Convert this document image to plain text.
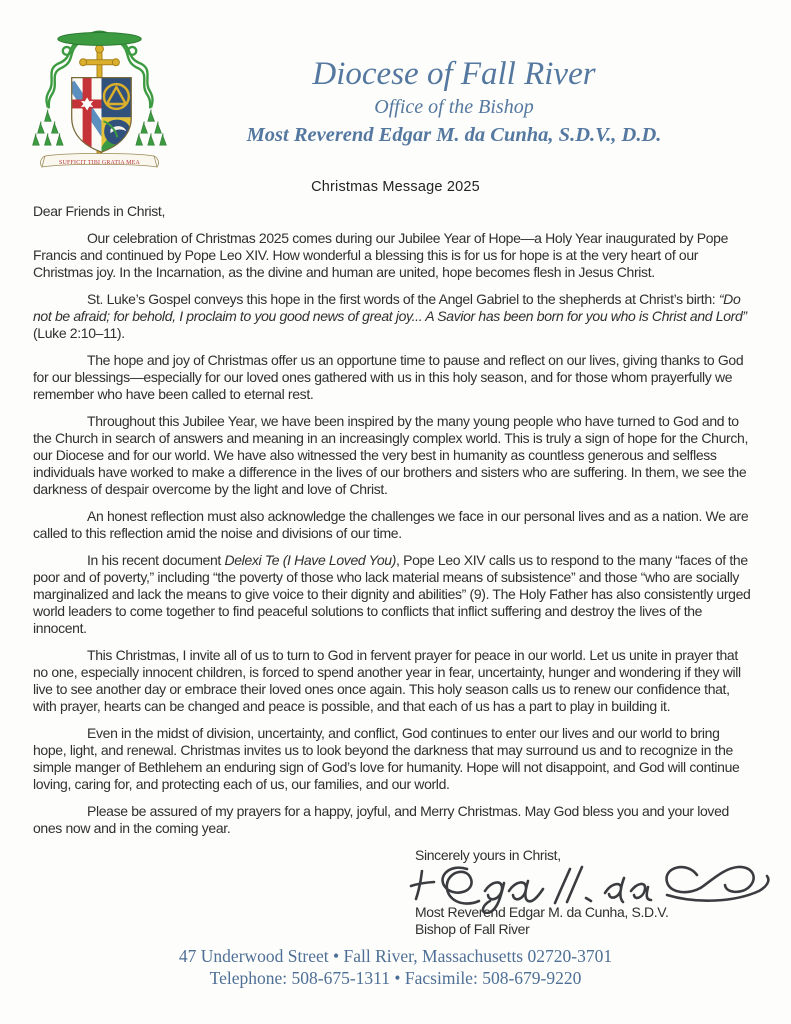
SUFFICIT TIBI GRATIA MEA
Diocese of Fall River
Office of the Bishop
Most Reverend Edgar M. da Cunha, S.D.V., D.D.
Christmas Message 2025

Dear Friends in Christ,

Our celebration of Christmas 2025 comes during our Jubilee Year of Hope—a Holy Year inaugurated by Pope Francis and continued by Pope Leo XIV. How wonderful a blessing this is for us for hope is at the very heart of our Christmas joy. In the Incarnation, as the divine and human are united, hope becomes flesh in Jesus Christ.

St. Luke’s Gospel conveys this hope in the first words of the Angel Gabriel to the shepherds at Christ’s birth: “Do not be afraid; for behold, I proclaim to you good news of great joy... A Savior has been born for you who is Christ and Lord” (Luke 2:10–11).

The hope and joy of Christmas offer us an opportune time to pause and reflect on our lives, giving thanks to God for our blessings—especially for our loved ones gathered with us in this holy season, and for those whom prayerfully we remember who have been called to eternal rest.

Throughout this Jubilee Year, we have been inspired by the many young people who have turned to God and to the Church in search of answers and meaning in an increasingly complex world. This is truly a sign of hope for the Church, our Diocese and for our world. We have also witnessed the very best in humanity as countless generous and selfless individuals have worked to make a difference in the lives of our brothers and sisters who are suffering. In them, we see the darkness of despair overcome by the light and love of Christ.

An honest reflection must also acknowledge the challenges we face in our personal lives and as a nation. We are called to this reflection amid the noise and divisions of our time.

In his recent document Delexi Te (I Have Loved You), Pope Leo XIV calls us to respond to the many “faces of the poor and of poverty,” including “the poverty of those who lack material means of subsistence” and those “who are socially marginalized and lack the means to give voice to their dignity and abilities” (9). The Holy Father has also consistently urged world leaders to come together to find peaceful solutions to conflicts that inflict suffering and destroy the lives of the innocent.

This Christmas, I invite all of us to turn to God in fervent prayer for peace in our world. Let us unite in prayer that no one, especially innocent children, is forced to spend another year in fear, uncertainty, hunger and wondering if they will live to see another day or embrace their loved ones once again. This holy season calls us to renew our confidence that, with prayer, hearts can be changed and peace is possible, and that each of us has a part to play in building it.

Even in the midst of division, uncertainty, and conflict, God continues to enter our lives and our world to bring hope, light, and renewal. Christmas invites us to look beyond the darkness that may surround us and to recognize in the simple manger of Bethlehem an enduring sign of God’s love for humanity. Hope will not disappoint, and God will continue loving, caring for, and protecting each of us, our families, and our world.

Please be assured of my prayers for a happy, joyful, and Merry Christmas. May God bless you and your loved ones now and in the coming year.

Sincerely yours in Christ,
Most Reverend Edgar M. da Cunha, S.D.V.
Bishop of Fall River
47 Underwood Street • Fall River, Massachusetts 02720-3701
Telephone: 508-675-1311 • Facsimile: 508-679-9220
